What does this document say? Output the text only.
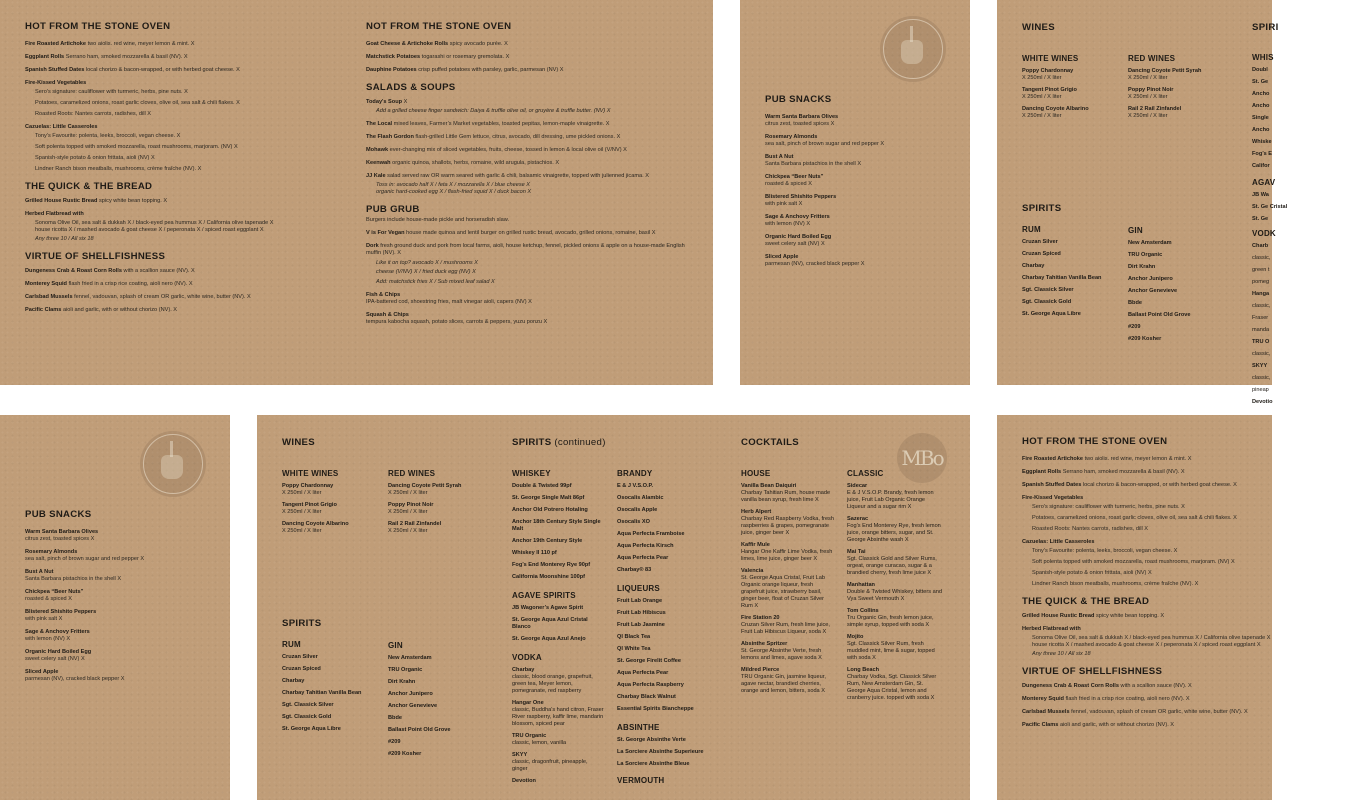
HOT FROM THE STONE OVEN
Fire Roasted Artichoke two aiolis. red wine, meyer lemon & mint. X
Eggplant Rolls Serrano ham, smoked mozzarella & basil (NV). X
Spanish Stuffed Dates local chorizo & bacon-wrapped, or with herbed goat cheese. X
Fire-Kissed Vegetables
Sero’s signature: cauliflower with turmeric, herbs, pine nuts. X
Potatoes, caramelized onions, roast garlic cloves, olive oil, sea salt & chili flakes. X
Roasted Roots: Nantes carrots, radishes, dill X
Cazuelas: Little Casseroles
Tony’s Favourite: polenta, leeks, broccoli, vegan cheese. X
Soft polenta topped with smoked mozzarella, roast mushrooms, marjoram. (NV) X
Spanish-style potato & onion frittata, aioli (NV) X
Lindner Ranch bison meatballs, mushrooms, crème fraîche (NV). X
THE QUICK & THE BREAD
Grilled House Rustic Bread spicy white bean topping. X
Herbed Flatbread with
Sonoma Olive Oil, sea salt & dukkah X / black-eyed pea hummus X / California olive tapenade X
house ricotta X / mashed avocado & goat cheese X / peperonata X / spiced roast eggplant X
Any three 10 / All six 18
VIRTUE OF SHELLFISHNESS
Dungeness Crab & Roast Corn Rolls with a scallion sauce (NV). X
Monterey Squid flash fried in a crisp rice coating, aioli nero (NV). X
Carlsbad Mussels fennel, vadouvan, splash of cream OR garlic, white wine, butter (NV). X
Pacific Clams aioli and garlic, with or without chorizo (NV). X
NOT FROM THE STONE OVEN
Goat Cheese & Artichoke Rolls spicy avocado purée. X
Matchstick Potatoes togarashi or rosemary gremolata. X
Dauphine Potatoes crisp puffed potatoes with parsley, garlic, parmesan (NV) X
SALADS & SOUPS
Today's Soup X
Add a grilled cheese finger sandwich: Daiya & truffle olive oil, or gruyère & truffle butter. (NV) X
The Local mixed leaves, Farmer’s Market vegetables, toasted pepitas, lemon-maple vinaigrette. X
The Flash Gordon flash-grilled Little Gem lettuce, citrus, avocado, dill dressing, ume pickled onions. X
Mohawk ever-changing mix of sliced vegetables, fruits, cheese, tossed in lemon & local olive oil (V/NV) X
Keenwah organic quinoa, shallots, herbs, romaine, wild arugula, pistachios. X
JJ Kale salad served raw OR warm seared with garlic & chili, balsamic vinaigrette, topped with julienned jicama. X
Toss in: avocado half X / feta X / mozzarella X / blue cheese X
organic hard-cooked egg X / flash-fried squid X / duck bacon X
PUB GRUB
Burgers include house-made pickle and horseradish slaw.
V is For Vegan house made quinoa and lentil burger on grilled rustic bread, avocado, grilled onions, romaine, basil X
Dork fresh ground duck and pork from local farms, aioli, house ketchup, fennel, pickled onions & apple on a house-made English muffin (NV). X
Like it on top? avocado X / mushrooms X
cheese (V/NV) X / fried duck egg (NV) X
Add: matchstick fries X / Sub mixed leaf salad X
Fish & Chips
IPA-battered cod, shoestring fries, malt vinegar aioli, capers (NV) X
Squash & Chips
tempura kabocha squash, potato slices, carrots & peppers, yuzu ponzu X
PUB SNACKS
Warm Santa Barbara Olives
citrus zest, toasted spices X
Rosemary Almonds
sea salt, pinch of brown sugar and red pepper X
Bust A Nut
Santa Barbara pistachios in the shell X
Chickpea “Beer Nuts”
roasted & spiced X
Blistered Shishito Peppers
with pink salt X
Sage & Anchovy Fritters
with lemon (NV) X
Organic Hard Boiled Egg
sweet celery salt (NV) X
Sliced Apple
parmesan (NV), cracked black pepper X
WINES
WHITE WINES
Poppy Chardonnay
X 250ml / X liter
Tangent Pinot Grigio
X 250ml / X liter
Dancing Coyote Albarino
X 250ml / X liter
RED WINES
Dancing Coyote Petit Syrah
X 250ml / X liter
Poppy Pinot Noir
X 250ml / X liter
Rail 2 Rail Zinfandel
X 250ml / X liter
SPIRITS
RUM
Cruzan Silver
Cruzan Spiced
Charbay
Charbay Tahitian Vanilla Bean
Sgt. Classick Silver
Sgt. Classick Gold
St. George Aqua Libre
GIN
New Amsterdam
TRU Organic
Dirt Krahn
Anchor Junipero
Anchor Genevieve
Bbde
Ballast Point Old Grove
#209
#209 Kosher
SPIRI
WHIS
Doubl
St. Ge
Ancho
Ancho
Single
Ancho
Whiske
Fog’s E
Califor
AGAV
JB Wa
St. Ge Cristal
St. Ge
VODK
Charb
classic,
green t
pomeg
Hanga
classic,
Fraser
manda
TRU O
classic,
SKYY
classic,
pineap
Devotio
PUB SNACKS
Warm Santa Barbara Olives
citrus zest, toasted spices X
Rosemary Almonds
sea salt, pinch of brown sugar and red pepper X
Bust A Nut
Santa Barbara pistachios in the shell X
Chickpea “Beer Nuts”
roasted & spiced X
Blistered Shishito Peppers
with pink salt X
Sage & Anchovy Fritters
with lemon (NV) X
Organic Hard Boiled Egg
sweet celery salt (NV) X
Sliced Apple
parmesan (NV), cracked black pepper X
MBo
WINES
WHITE WINES
Poppy Chardonnay
X 250ml / X liter
Tangent Pinot Grigio
X 250ml / X liter
Dancing Coyote Albarino
X 250ml / X liter
RED WINES
Dancing Coyote Petit Syrah
X 250ml / X liter
Poppy Pinot Noir
X 250ml / X liter
Rail 2 Rail Zinfandel
X 250ml / X liter
SPIRITS
RUM
Cruzan Silver
Cruzan Spiced
Charbay
Charbay Tahitian Vanilla Bean
Sgt. Classick Silver
Sgt. Classick Gold
St. George Aqua Libre
GIN
New Amsterdam
TRU Organic
Dirt Krahn
Anchor Junipero
Anchor Genevieve
Bbde
Ballast Point Old Grove
#209
#209 Kosher
SPIRITS (continued)
WHISKEY
Double & Twisted 99pf
St. George Single Malt 86pf
Anchor Old Potrero Hotaling
Anchor 18th Century Style Single Malt
Anchor 19th Century Style
Whiskey II 110 pf
Fog’s End Monterey Rye 90pf
California Moonshine 100pf
AGAVE SPIRITS
JB Wagoner’s Agave Spirit
St. George Aqua Azul Cristal Blanco
St. George Aqua Azul Anejo
VODKA
Charbay
classic, blood orange, grapefruit, green tea, Meyer lemon, pomegranate, red raspberry
Hangar One
classic, Buddha’s hand citron, Fraser River raspberry, kaffir lime, mandarin blossom, spiced pear
TRU Organic
classic, lemon, vanilla
SKYY
classic, dragonfruit, pineapple, ginger
Devotion
BRANDY
E & J V.S.O.P.
Osocalis Alambic
Osocalis Apple
Osocalis XO
Aqua Perfecta Framboise
Aqua Perfecta Kirsch
Aqua Perfecta Pear
Charbay® 83
LIQUEURS
Fruit Lab Orange
Fruit Lab Hibiscus
Fruit Lab Jasmine
QI Black Tea
QI White Tea
St. George Firelit Coffee
Aqua Perfecta Pear
Aqua Perfecta Raspberry
Charbay Black Walnut
Essential Spirits Biancheppe
ABSINTHE
St. George Absinthe Verte
La Sorciere Absinthe Superieure
La Sorciere Absinthe Bleue
VERMOUTH
COCKTAILS
HOUSE
Vanilla Bean Daiquiri
Charbay Tahitian Rum, house made vanilla bean syrup, fresh lime X
Herb Alpert
Charbay Red Raspberry Vodka, fresh raspberries & grapes, pomegranate juice, ginger beer X
Kaffir Mule
Hangar One Kaffir Lime Vodka, fresh limes, lime juice, ginger beer X
Valencia
St. George Aqua Cristal, Fruit Lab Organic orange liqueur, fresh grapefruit juice, strawberry basil, ginger beer, float of Cruzan Silver Rum X
Fire Station 20
Cruzan Silver Rum, fresh lime juice, Fruit Lab Hibiscus Liqueur, soda X
Absinthe Spritzer
St. George Absinthe Verte, fresh lemons and limes, agave soda X
Mildred Pierce
TRU Organic Gin, jasmine liqueur, agave nectar, brandied cherries, orange and lemon, bitters, soda X
CLASSIC
Sidecar
E & J V.S.O.P. Brandy, fresh lemon juice, Fruit Lab Organic Orange Liqueur and a sugar rim X
Sazerac
Fog’s End Monterey Rye, fresh lemon juice, orange bitters, sugar, and St. George Absinthe wash X
Mai Tai
Sgt. Classick Gold and Silver Rums, orgeat, orange curacao, sugar & a brandied cherry, fresh lime juice X
Manhattan
Double & Twisted Whiskey, bitters and Vya Sweet Vermouth X
Tom Collins
Tru Organic Gin, fresh lemon juice, simple syrup, topped with soda X
Mojito
Sgt. Classick Silver Rum, fresh muddled mint, lime & sugar, topped with soda X
Long Beach
Charbay Vodka, Sgt. Classick Silver Rum, New Amsterdam Gin, St. George Aqua Cristal, lemon and cranberry juice. topped with soda X
HOT FROM THE STONE OVEN
Fire Roasted Artichoke two aiolis. red wine, meyer lemon & mint. X
Eggplant Rolls Serrano ham, smoked mozzarella & basil (NV). X
Spanish Stuffed Dates local chorizo & bacon-wrapped, or with herbed goat cheese. X
Fire-Kissed Vegetables
Sero’s signature: cauliflower with turmeric, herbs, pine nuts. X
Potatoes, caramelized onions, roast garlic cloves, olive oil, sea salt & chili flakes. X
Roasted Roots: Nantes carrots, radishes, dill X
Cazuelas: Little Casseroles
Tony’s Favourite: polenta, leeks, broccoli, vegan cheese. X
Soft polenta topped with smoked mozzarella, roast mushrooms, marjoram. (NV) X
Spanish-style potato & onion frittata, aioli (NV) X
Lindner Ranch bison meatballs, mushrooms, crème fraîche (NV). X
THE QUICK & THE BREAD
Grilled House Rustic Bread spicy white bean topping. X
Herbed Flatbread with
Sonoma Olive Oil, sea salt & dukkah X / black-eyed pea hummus X / California olive tapenade X
house ricotta X / mashed avocado & goat cheese X / peperonata X / spiced roast eggplant X
Any three 10 / All six 18
VIRTUE OF SHELLFISHNESS
Dungeness Crab & Roast Corn Rolls with a scallion sauce (NV). X
Monterey Squid flash fried in a crisp rice coating, aioli nero (NV). X
Carlsbad Mussels fennel, vadouvan, splash of cream OR garlic, white wine, butter (NV). X
Pacific Clams aioli and garlic, with or without chorizo (NV). X
